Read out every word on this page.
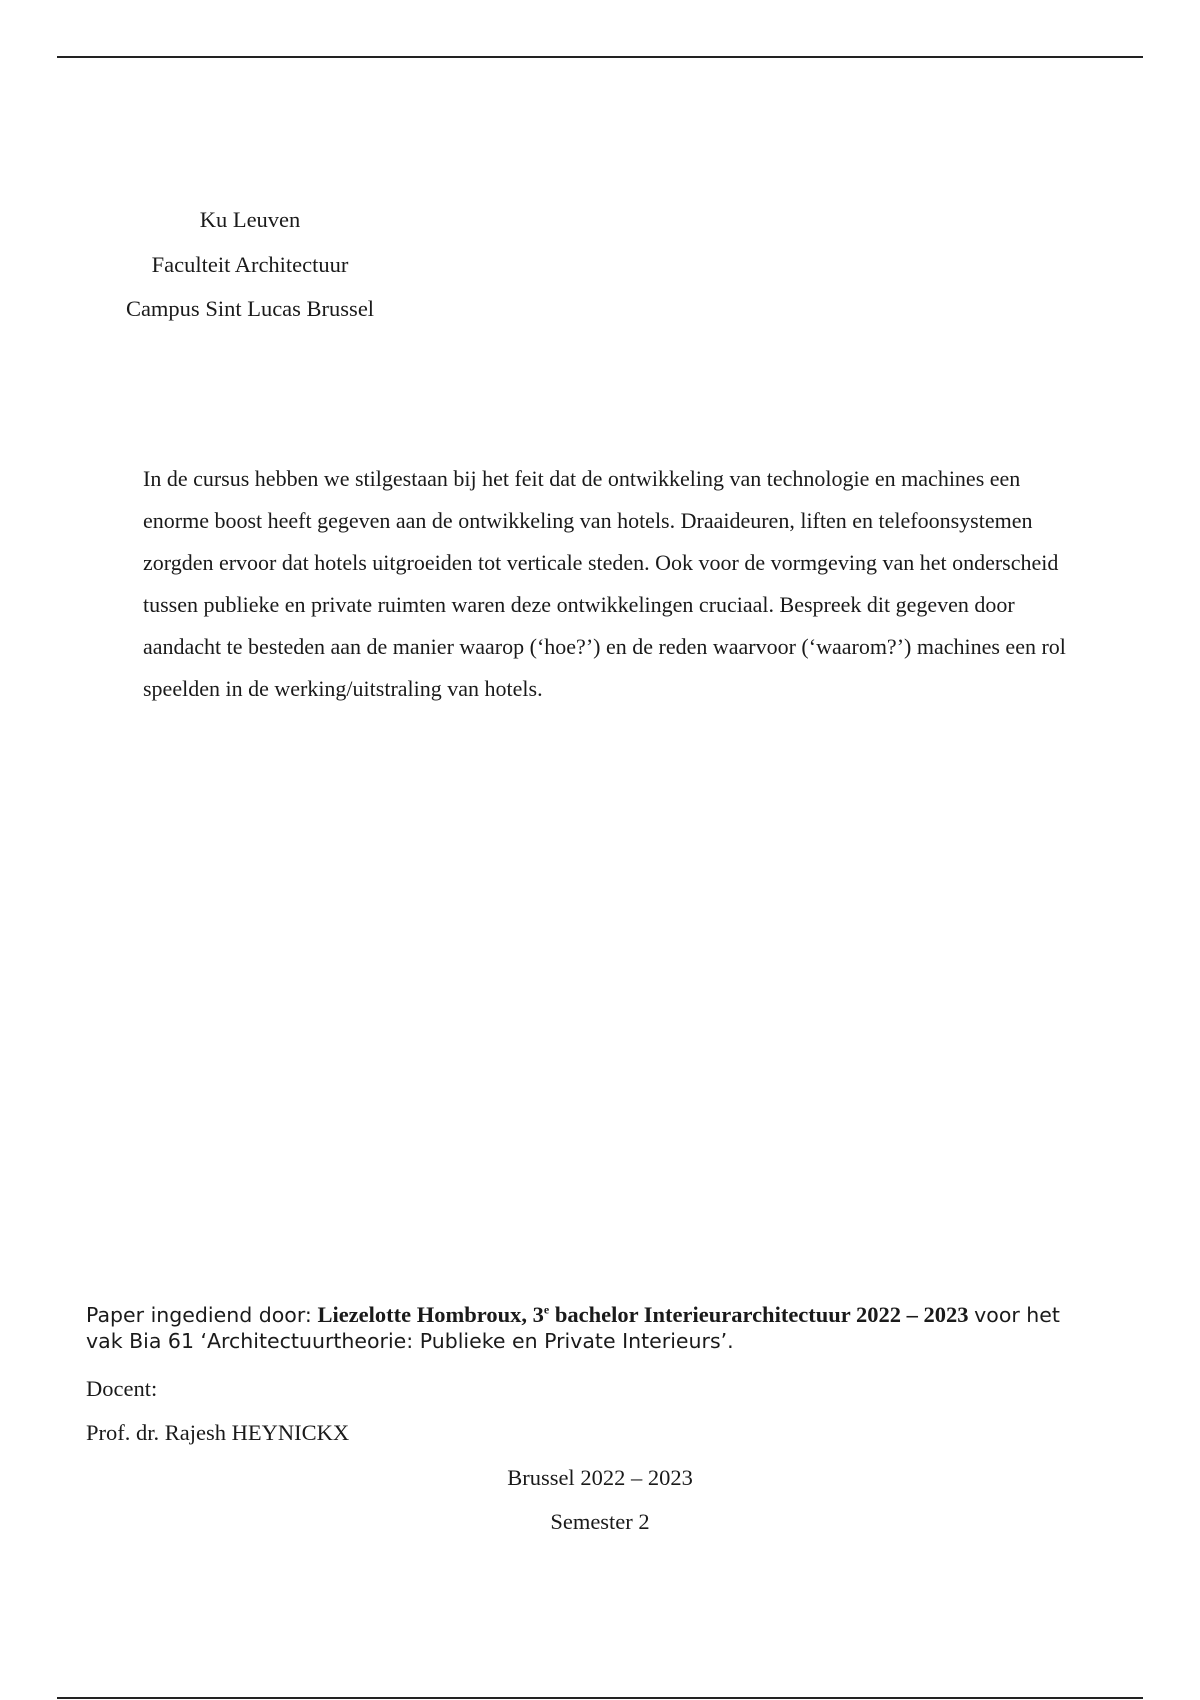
Ku Leuven
Faculteit Architectuur
Campus Sint Lucas Brussel

In de cursus hebben we stilgestaan bij het feit dat de ontwikkeling van technologie en machines een enorme boost heeft gegeven aan de ontwikkeling van hotels. Draaideuren, liften en telefoonsystemen zorgden ervoor dat hotels uitgroeiden tot verticale steden. Ook voor de vormgeving van het onderscheid tussen publieke en private ruimten waren deze ontwikkelingen cruciaal. Bespreek dit gegeven door aandacht te besteden aan de manier waarop (‘hoe?’) en de reden waarvoor (‘waarom?’) machines een rol speelden in de werking/uitstraling van hotels.

Paper ingediend door: Liezelotte Hombroux, 3e bachelor Interieurarchitectuur 2022 – 2023 voor het
vak Bia 61 ‘Architectuurtheorie: Publieke en Private Interieurs’.

Docent:
Prof. dr. Rajesh HEYNICKX
Brussel 2022 – 2023
Semester 2
